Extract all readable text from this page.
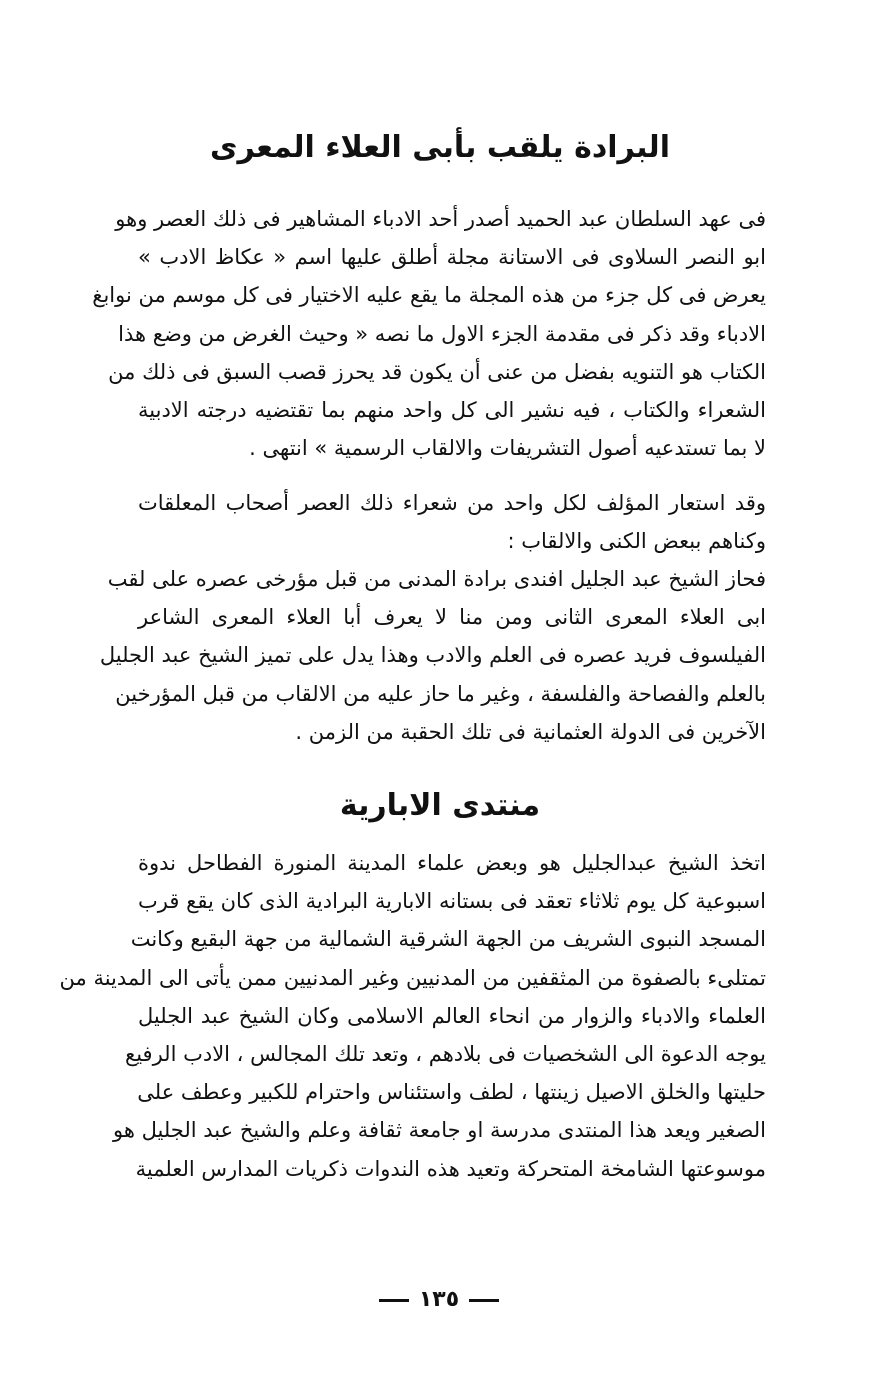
البرادة يلقب بأبى العلاء المعرى
فى عهد السلطان عبد الحميد أصدر أحد الادباء المشاهير فى ذلك العصر وهو
ابو النصر السلاوى فى الاستانة مجلة أطلق عليها اسم « عكاظ الادب »
يعرض فى كل جزء من هذه المجلة ما يقع عليه الاختيار فى كل موسم من نوابغ
الادباء وقد ذكر فى مقدمة الجزء الاول ما نصه « وحيث الغرض من وضع هذا
الكتاب هو التنويه بفضل من عنى أن يكون قد يحرز قصب السبق فى ذلك من
الشعراء والكتاب ، فيه نشير الى كل واحد منهم بما تقتضيه درجته الادبية
لا بما تستدعيه أصول التشريفات والالقاب الرسمية » انتهى .
وقد استعار المؤلف لكل واحد من شعراء ذلك العصر أصحاب المعلقات
وكناهم ببعض الكنى والالقاب :
فحاز الشيخ عبد الجليل افندى برادة المدنى من قبل مؤرخى عصره على لقب
ابى العلاء المعرى الثانى ومن منا لا يعرف أبا العلاء المعرى الشاعر
الفيلسوف فريد عصره فى العلم والادب وهذا يدل على تميز الشيخ عبد الجليل
بالعلم والفصاحة والفلسفة ، وغير ما حاز عليه من الالقاب من قبل المؤرخين
الآخرين فى الدولة العثمانية فى تلك الحقبة من الزمن .
منتدى الابارية
اتخذ الشيخ عبدالجليل هو وبعض علماء المدينة المنورة الفطاحل ندوة
اسبوعية كل يوم ثلاثاء تعقد فى بستانه الابارية البرادية الذى كان يقع قرب
المسجد النبوى الشريف من الجهة الشرقية الشمالية من جهة البقيع وكانت
تمتلىء بالصفوة من المثقفين من المدنيين وغير المدنيين ممن يأتى الى المدينة من
العلماء والادباء والزوار من انحاء العالم الاسلامى وكان الشيخ عبد الجليل
يوجه الدعوة الى الشخصيات فى بلادهم ، وتعد تلك المجالس ، الادب الرفيع
حليتها والخلق الاصيل زينتها ، لطف واستئناس واحترام للكبير وعطف على
الصغير ويعد هذا المنتدى مدرسة او جامعة ثقافة وعلم والشيخ عبد الجليل هو
موسوعتها الشامخة المتحركة وتعيد هذه الندوات ذكريات المدارس العلمية
١٣٥
